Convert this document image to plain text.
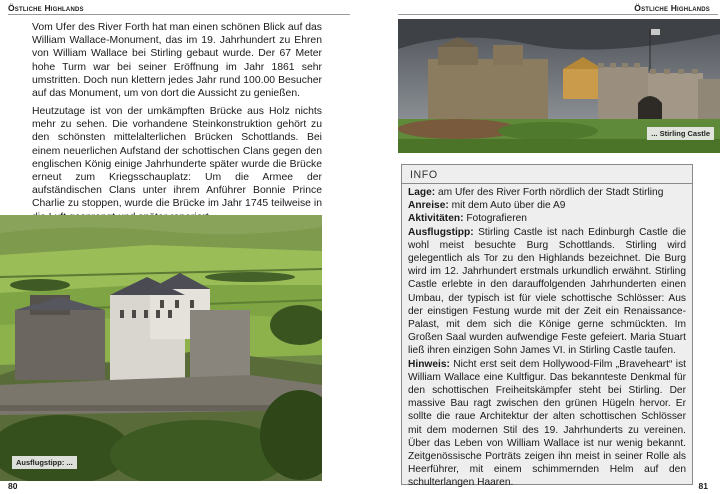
Östliche Highlands
Vom Ufer des River Forth hat man einen schönen Blick auf das William Wallace-Monument, das im 19. Jahrhundert zu Ehren von William Wallace bei Stirling gebaut wurde. Der 67 Meter hohe Turm war bei seiner Eröffnung im Jahr 1861 sehr umstritten. Doch nun klettern jedes Jahr rund 100.00 Besucher auf das Monument, um von dort die Aussicht zu genießen.
Heutzutage ist von der umkämpften Brücke aus Holz nichts mehr zu sehen. Die vorhandene Steinkonstruktion gehört zu den schönsten mittelalterlichen Brücken Schottlands. Bei einem neuerlichen Aufstand der schottischen Clans gegen den englischen König einige Jahrhunderte später wurde die Brücke erneut zum Kriegsschauplatz: Um die Armee der aufständischen Clans unter ihrem Anführer Bonnie Prince Charlie zu stoppen, wurde die Brücke im Jahr 1745 teilweise in
Ausflugstipp: ...
80
Östliche Highlands
... Stirling Castle
INFO
Lage: am Ufer des River Forth nördlich der Stadt Stirling
Anreise: mit dem Auto über die A9
Aktivitäten: Fotografieren
Ausflugstipp: Stirling Castle ist nach Edinburgh Castle die wohl meist besuchte Burg Schottlands. Stirling wird gelegentlich als Tor zu den Highlands bezeichnet. Die Burg wird im 12. Jahrhundert erstmals urkundlich erwähnt. Stirling Castle erlebte in den darauffolgenden Jahrhunderten einen Umbau, der typisch ist für viele schottische Schlösser: Aus der einstigen Festung wurde mit der Zeit ein Renaissance-Palast, mit dem sich die Könige gerne schmückten. Im Großen Saal wurden aufwendige Feste gefeiert. Maria Stuart ließ ihren einzigen Sohn James VI. in Stirling Castle taufen.
Hinweis: Nicht erst seit dem Hollywood-Film „Braveheart“ ist William Wallace eine Kultfigur. Das bekannteste Denkmal für den schottischen Freiheitskämpfer steht bei Stirling. Der massive Bau ragt zwischen den grünen Hügeln hervor. Er sollte die raue Architektur der alten schottischen Schlösser mit dem modernen Stil des 19. Jahrhunderts zu vereinen. Über das Leben von William Wallace ist nur wenig bekannt. Zeitgenössische Porträts zeigen ihn meist in seiner Rolle als Heerführer, mit einem schimmernden Helm auf den schulterlangen Haaren.	81
